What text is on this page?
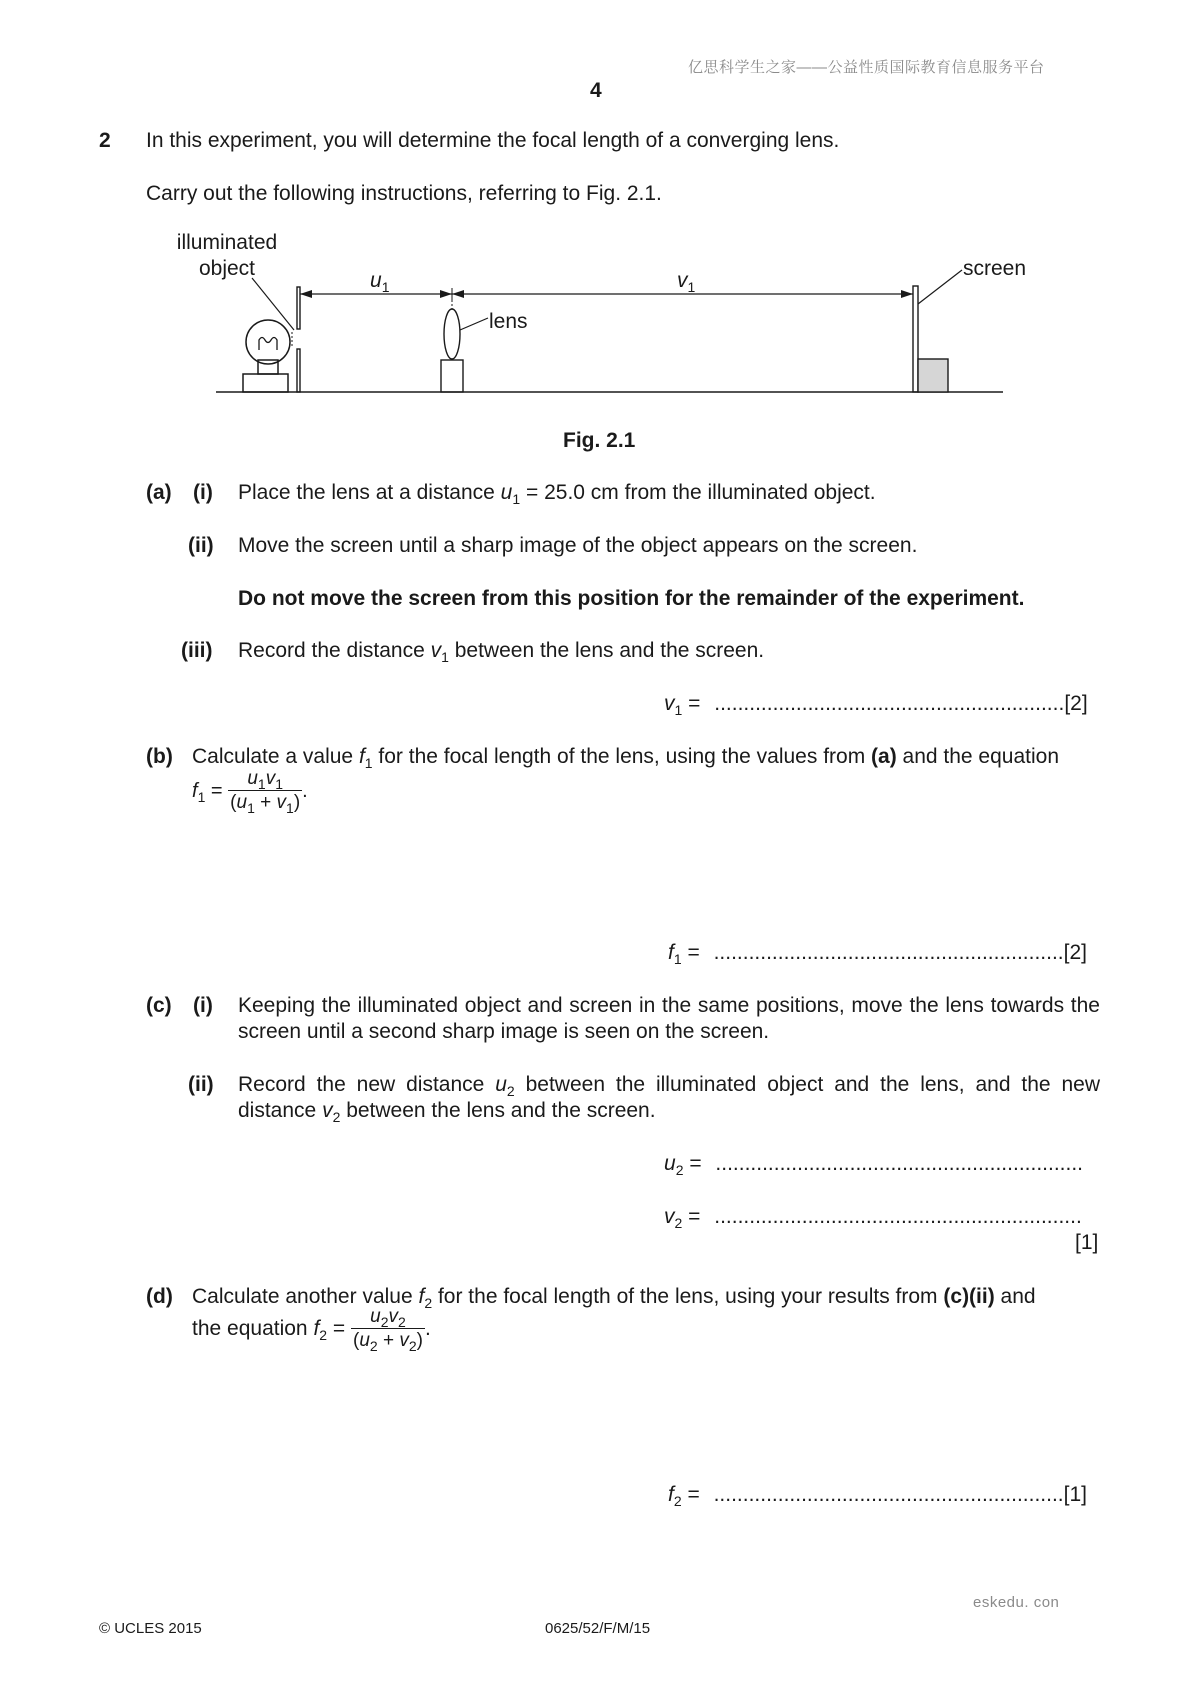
亿思科学生之家——公益性质国际教育信息服务平台
4
2 In this experiment, you will determine the focal length of a converging lens.
Carry out the following instructions, referring to Fig. 2.1.
illuminated
object
$u_1$	$v_1$
lens
screen
Fig. 2.1
(a) (i) Place the lens at a distance $u_1 = 25.0$ cm from the illuminated object.
(ii) Move the screen until a sharp image of the object appears on the screen.
Do not move the screen from this position for the remainder of the experiment.
(iii) Record the distance $v_1$ between the lens and the screen.
$v_1 = ............................................................[2]$
(b) Calculate a value $f_1$ for the focal length of the lens, using the values from (a) and the equation
$f_1 = \frac{u_1v_1}{(u_1 + v_1)}$ .
$f_1 = ............................................................[2]$
(c) (i) Keeping the illuminated object and screen in the same positions, move the lens towards the screen until a second sharp image is seen on the screen.
(ii) Record the new distance $u_2$ between the illuminated object and the lens, and the new distance $v_2$ between the lens and the screen.
$u_2$ = ...............................................................
$v_2$ = ...............................................................
[1]
(d) Calculate another value $f_2$ for the focal length of the lens, using your results from (c)(ii) and
the equation $f_2 = \frac{u_2v_2}{(u_2 + v_2)}$ .
$f_2 = ............................................................[1]$
eskedu. con
© UCLES 2015	0625/52/F/M/15
